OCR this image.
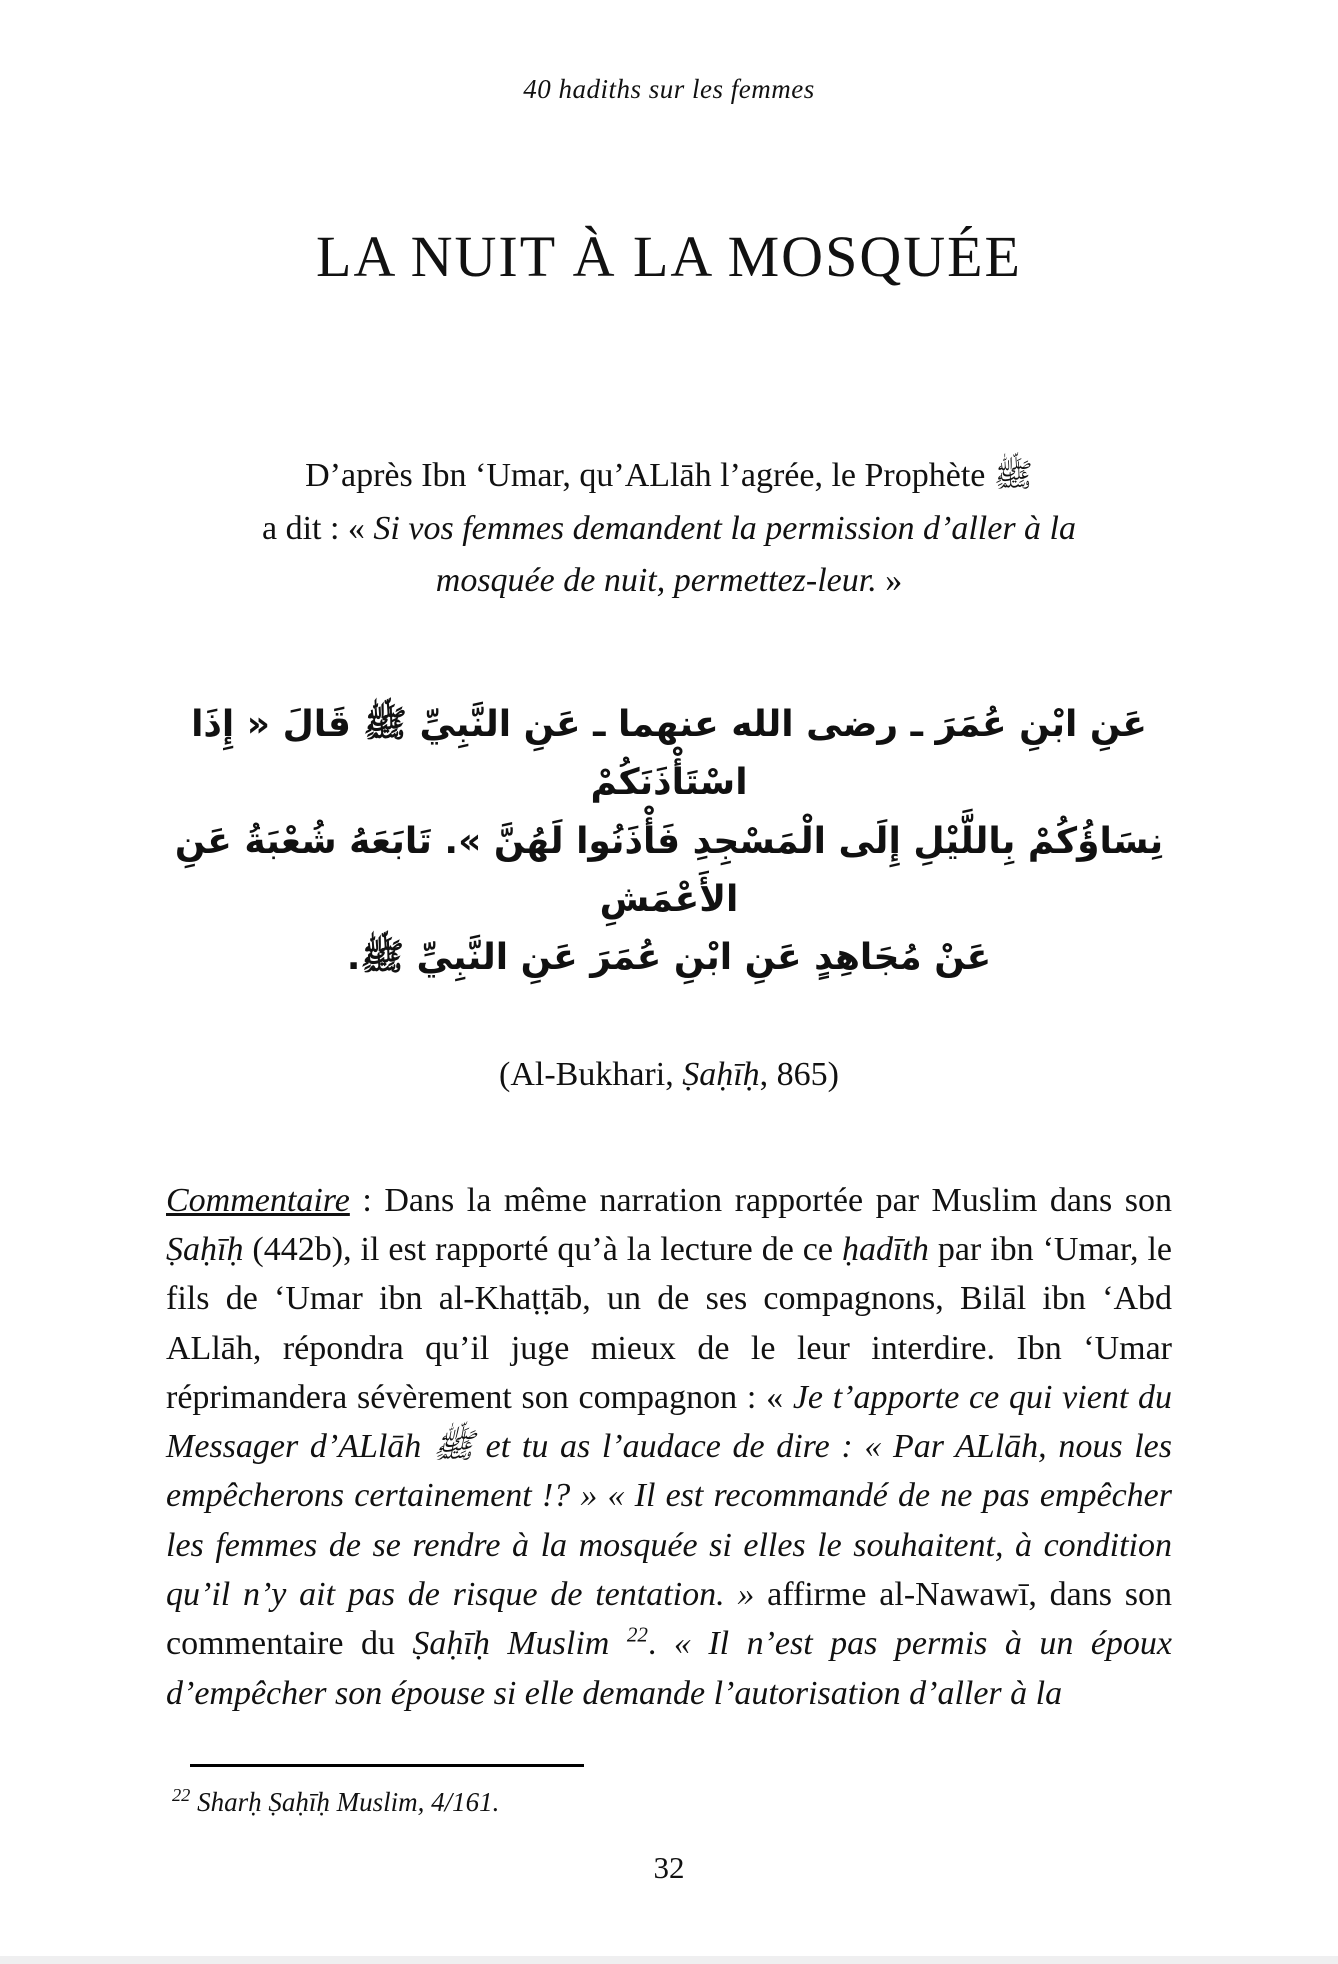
40 hadiths sur les femmes
LA NUIT À LA MOSQUÉE
D’après Ibn ‘Umar, qu’ALlāh l’agrée, le Prophète ﷺ
a dit : « Si vos femmes demandent la permission d’aller à la
mosquée de nuit, permettez-leur. »
عَنِ ابْنِ عُمَرَ ـ رضى الله عنهما ـ عَنِ النَّبِيِّ ﷺ قَالَ « إِذَا اسْتَأْذَنَكُمْ
نِسَاؤُكُمْ بِاللَّيْلِ إِلَى الْمَسْجِدِ فَأْذَنُوا لَهُنَّ ». تَابَعَهُ شُعْبَةُ عَنِ الأَعْمَشِ
عَنْ مُجَاهِدٍ عَنِ ابْنِ عُمَرَ عَنِ النَّبِيِّ ﷺ.
(Al-Bukhari, Ṣaḥīḥ, 865)

Commentaire : Dans la même narration rapportée par Muslim dans son Ṣaḥīḥ (442b), il est rapporté qu’à la lecture de ce ḥadīth par ibn ‘Umar, le fils de ‘Umar ibn al-Khaṭṭāb, un de ses compagnons, Bilāl ibn ‘Abd ALlāh, répondra qu’il juge mieux de le leur interdire. Ibn ‘Umar réprimandera sévèrement son compagnon : « Je t’apporte ce qui vient du Messager d’ALlāh ﷺ et tu as l’audace de dire : « Par ALlāh, nous les empêcherons certainement !? » « Il est recommandé de ne pas empêcher les femmes de se rendre à la mosquée si elles le souhaitent, à condition qu’il n’y ait pas de risque de tentation. » affirme al-Nawawī, dans son commentaire du Ṣaḥīḥ Muslim $^{22}$. « Il n’est pas permis à un époux d’empêcher son épouse si elle demande l’autorisation d’aller à la

$^{22}$ Sharḥ Ṣaḥīḥ Muslim, 4/161.
32
